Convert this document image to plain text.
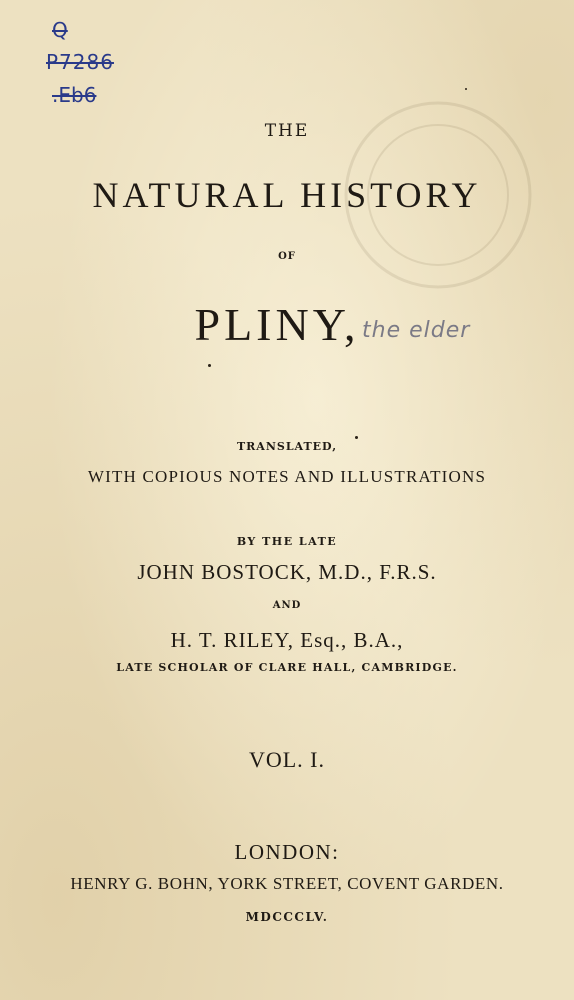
Q
P7286
.Eb6
THE
NATURAL HISTORY
OF
PLINY, the elder
TRANSLATED,
WITH COPIOUS NOTES AND ILLUSTRATIONS
BY THE LATE
JOHN BOSTOCK, M.D., F.R.S.
AND
H. T. RILEY, Esq., B.A.,
LATE SCHOLAR OF CLARE HALL, CAMBRIDGE.
VOL. I.
LONDON:
HENRY G. BOHN, YORK STREET, COVENT GARDEN.
MDCCCLV.
